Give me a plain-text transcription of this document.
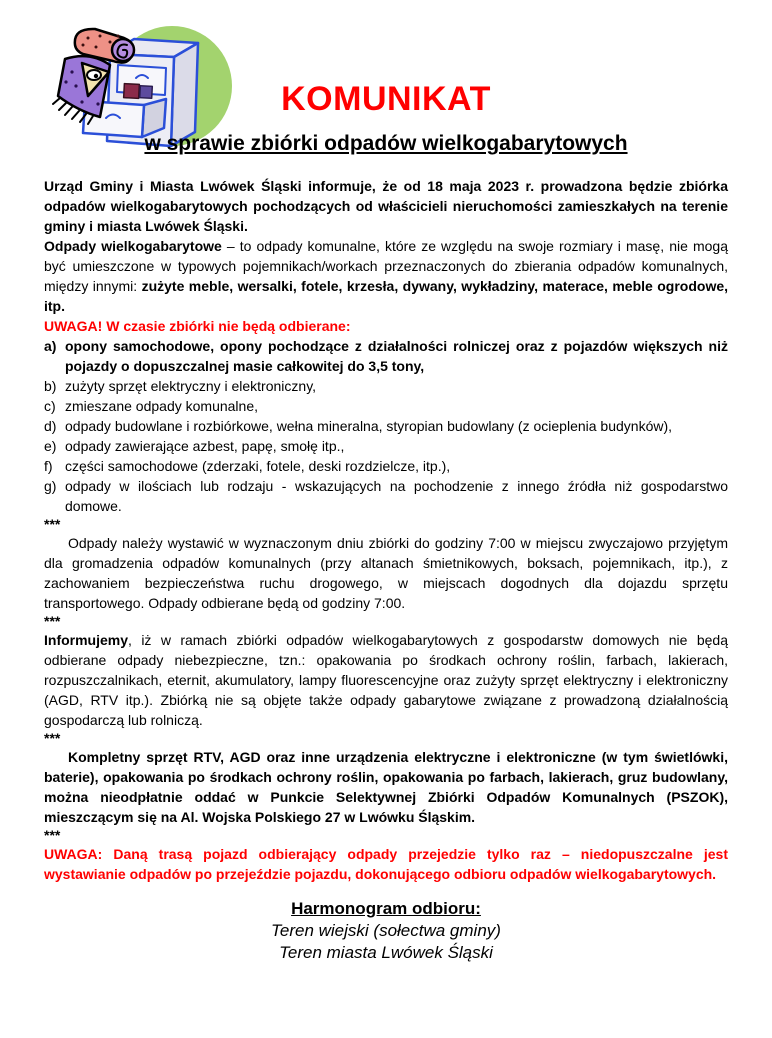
KOMUNIKAT
w sprawie zbiórki odpadów wielkogabarytowych

Urząd Gminy i Miasta Lwówek Śląski informuje, że od 18 maja 2023 r. prowadzona będzie zbiórka odpadów wielkogabarytowych pochodzących od właścicieli nieruchomości zamieszkałych na terenie gminy i miasta Lwówek Śląski.

Odpady wielkogabarytowe – to odpady komunalne, które ze względu na swoje rozmiary i masę, nie mogą być umieszczone w typowych pojemnikach/workach przeznaczonych do zbierania odpadów komunalnych, między innymi: zużyte meble, wersalki, fotele, krzesła, dywany, wykładziny, materace, meble ogrodowe, itp.

UWAGA! W czasie zbiórki nie będą odbierane:

a) opony samochodowe, opony pochodzące z działalności rolniczej oraz z pojazdów większych niż pojazdy o dopuszczalnej masie całkowitej do 3,5 tony,
b) zużyty sprzęt elektryczny i elektroniczny,
c) zmieszane odpady komunalne,
d) odpady budowlane i rozbiórkowe, wełna mineralna, styropian budowlany (z ocieplenia budynków),
e) odpady zawierające azbest, papę, smołę itp.,
f) części samochodowe (zderzaki, fotele, deski rozdzielcze, itp.),
g) odpady w ilościach lub rodzaju - wskazujących na pochodzenie z innego źródła niż gospodarstwo domowe.

***

Odpady należy wystawić w wyznaczonym dniu zbiórki do godziny 7:00 w miejscu zwyczajowo przyjętym dla gromadzenia odpadów komunalnych (przy altanach śmietnikowych, boksach, pojemnikach, itp.), z zachowaniem bezpieczeństwa ruchu drogowego, w miejscach dogodnych dla dojazdu sprzętu transportowego. Odpady odbierane będą od godziny 7:00.

***

Informujemy, iż w ramach zbiórki odpadów wielkogabarytowych z gospodarstw domowych nie będą odbierane odpady niebezpieczne, tzn.: opakowania po środkach ochrony roślin, farbach, lakierach, rozpuszczalnikach, eternit, akumulatory, lampy fluorescencyjne oraz zużyty sprzęt elektryczny i elektroniczny (AGD, RTV itp.). Zbiórką nie są objęte także odpady gabarytowe związane z prowadzoną działalnością gospodarczą lub rolniczą.

***

Kompletny sprzęt RTV, AGD oraz inne urządzenia elektryczne i elektroniczne (w tym świetlówki, baterie), opakowania po środkach ochrony roślin, opakowania po farbach, lakierach, gruz budowlany, można nieodpłatnie oddać w Punkcie Selektywnej Zbiórki Odpadów Komunalnych (PSZOK), mieszczącym się na Al. Wojska Polskiego 27 w Lwówku Śląskim.

***

UWAGA: Daną trasą pojazd odbierający odpady przejedzie tylko raz – niedopuszczalne jest wystawianie odpadów po przejeździe pojazdu, dokonującego odbioru odpadów wielkogabarytowych.

Harmonogram odbioru:

Teren wiejski (sołectwa gminy)

Teren miasta Lwówek Śląski
